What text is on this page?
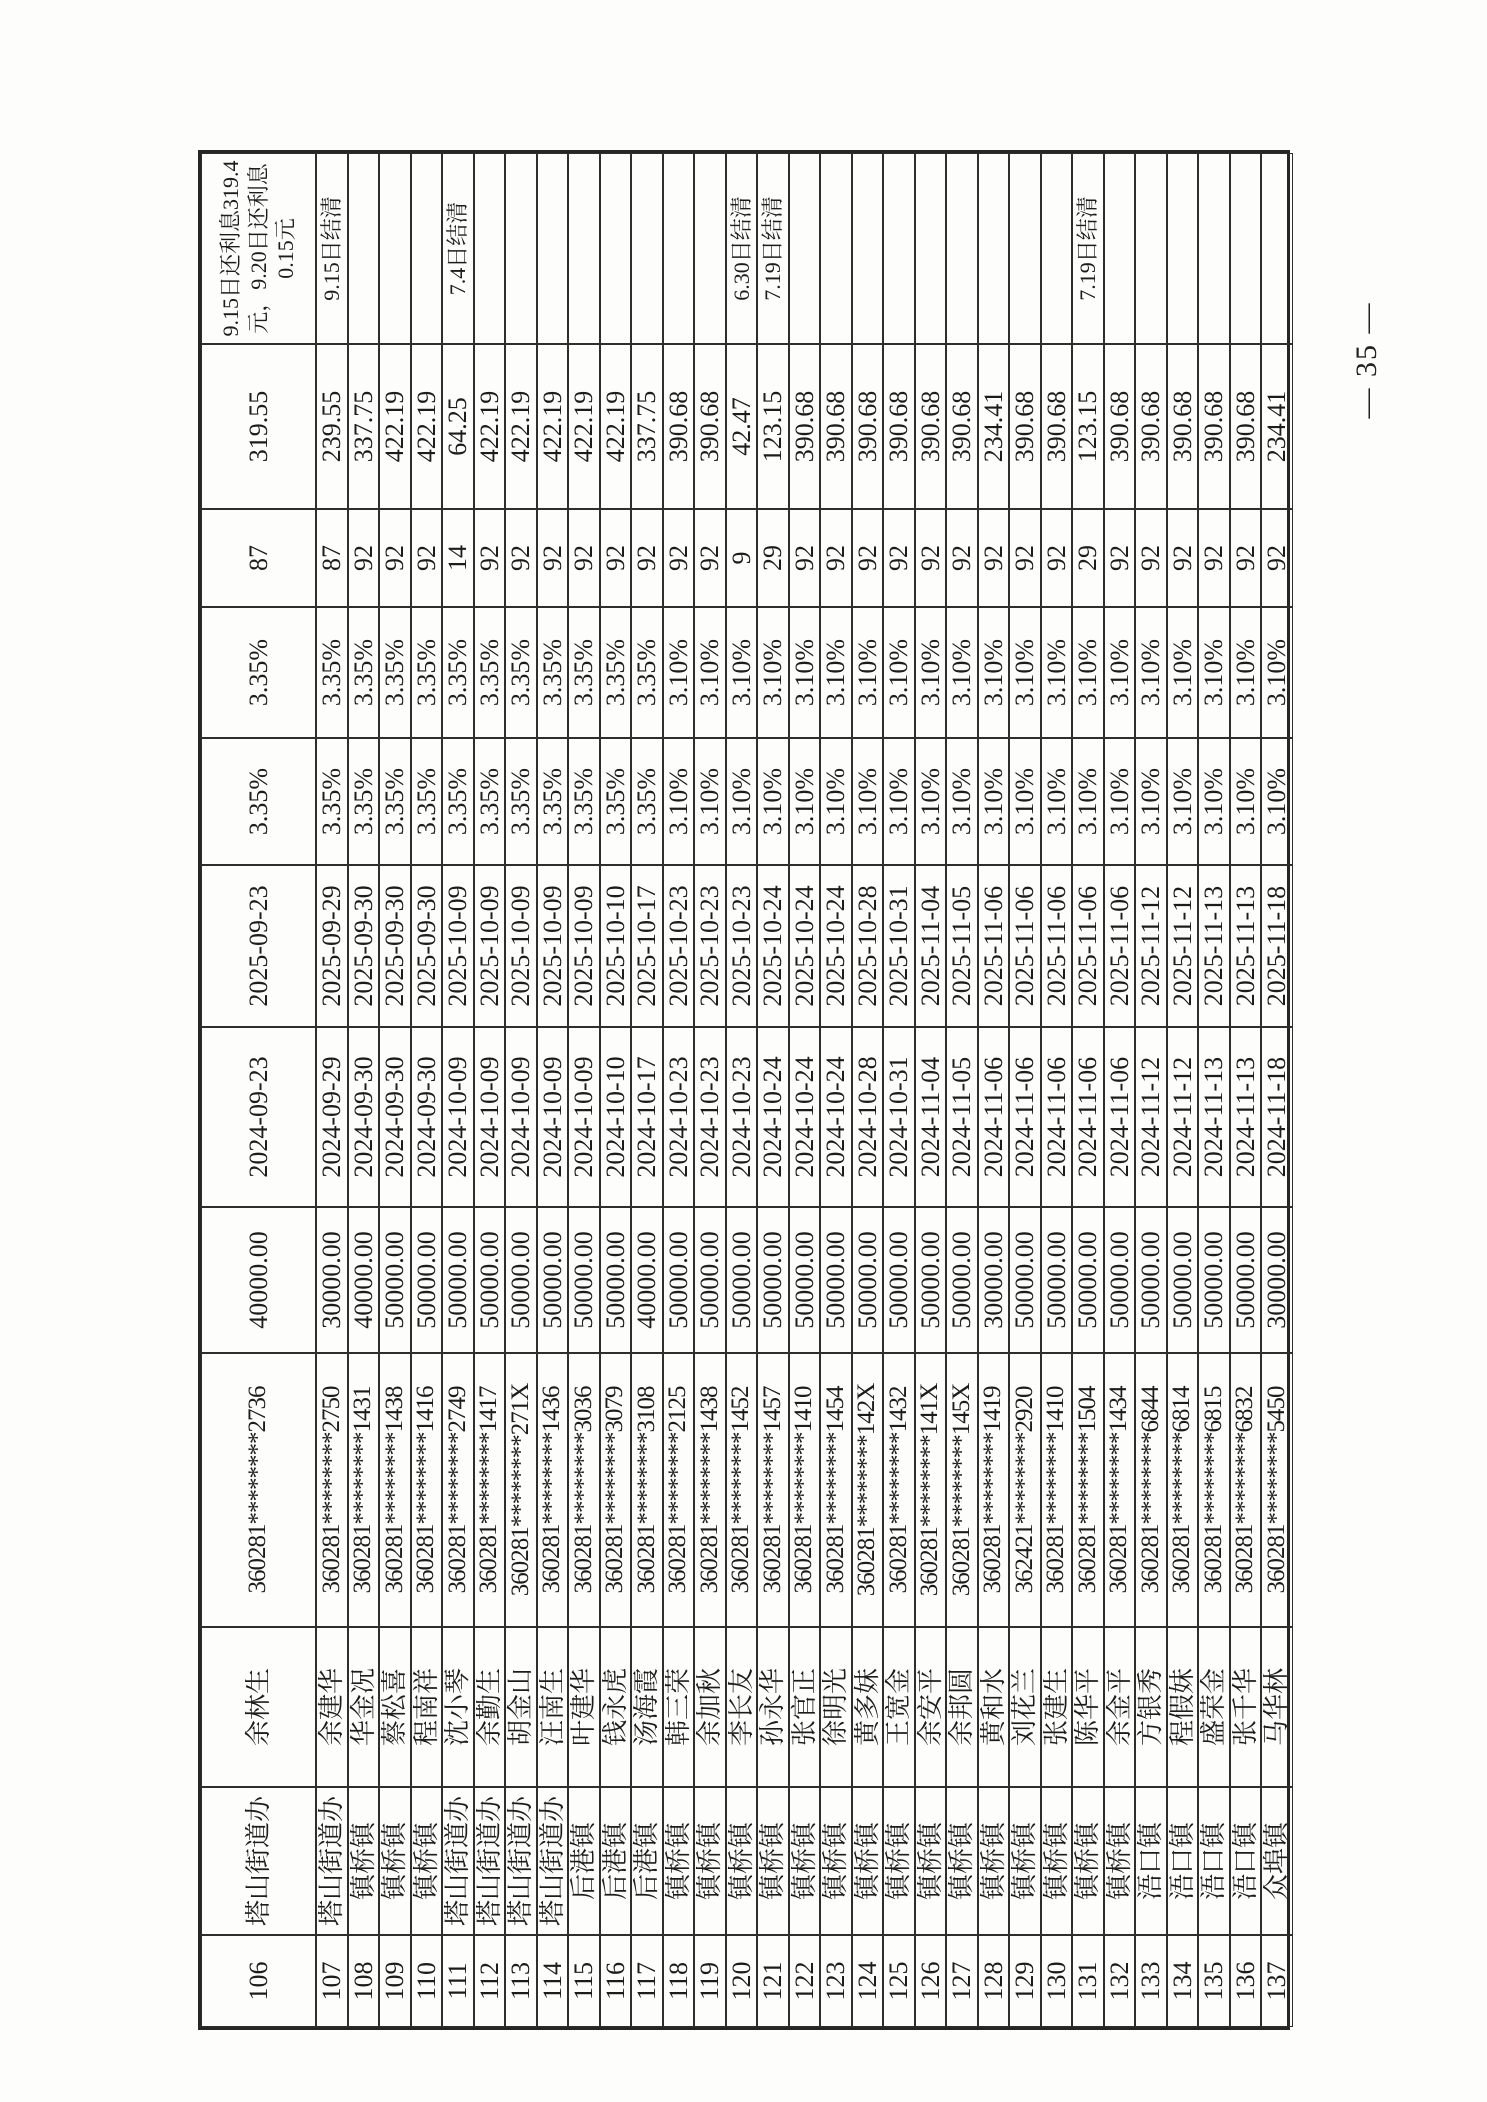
106
塔山街道办
余林生
360281********2736
40000.00
2024-09-23
2025-09-23
3.35%
3.35%
87
319.55
9.15日还利息319.4元，9.20日还利息0.15元
107
塔山街道办
余建华
360281********2750
30000.00
2024-09-29
2025-09-29
3.35%
3.35%
87
239.55
9.15日结清
108
镇桥镇
华金况
360281********1431
40000.00
2024-09-30
2025-09-30
3.35%
3.35%
92
337.75
109
镇桥镇
蔡松喜
360281********1438
50000.00
2024-09-30
2025-09-30
3.35%
3.35%
92
422.19
110
镇桥镇
程南祥
360281********1416
50000.00
2024-09-30
2025-09-30
3.35%
3.35%
92
422.19
111
塔山街道办
沈小琴
360281********2749
50000.00
2024-10-09
2025-10-09
3.35%
3.35%
14
64.25
7.4日结清
112
塔山街道办
余勤生
360281********1417
50000.00
2024-10-09
2025-10-09
3.35%
3.35%
92
422.19
113
塔山街道办
胡金山
360281********271X
50000.00
2024-10-09
2025-10-09
3.35%
3.35%
92
422.19
114
塔山街道办
汪南生
360281********1436
50000.00
2024-10-09
2025-10-09
3.35%
3.35%
92
422.19
115
后港镇
叶建华
360281********3036
50000.00
2024-10-09
2025-10-09
3.35%
3.35%
92
422.19
116
后港镇
钱永虎
360281********3079
50000.00
2024-10-10
2025-10-10
3.35%
3.35%
92
422.19
117
后港镇
汤海霞
360281********3108
40000.00
2024-10-17
2025-10-17
3.35%
3.35%
92
337.75
118
镇桥镇
韩三荣
360281********2125
50000.00
2024-10-23
2025-10-23
3.10%
3.10%
92
390.68
119
镇桥镇
余加秋
360281********1438
50000.00
2024-10-23
2025-10-23
3.10%
3.10%
92
390.68
120
镇桥镇
李长友
360281********1452
50000.00
2024-10-23
2025-10-23
3.10%
3.10%
9
42.47
6.30日结清
121
镇桥镇
孙永华
360281********1457
50000.00
2024-10-24
2025-10-24
3.10%
3.10%
29
123.15
7.19日结清
122
镇桥镇
张官正
360281********1410
50000.00
2024-10-24
2025-10-24
3.10%
3.10%
92
390.68
123
镇桥镇
徐明光
360281********1454
50000.00
2024-10-24
2025-10-24
3.10%
3.10%
92
390.68
124
镇桥镇
黄多妹
360281********142X
50000.00
2024-10-28
2025-10-28
3.10%
3.10%
92
390.68
125
镇桥镇
王宽金
360281********1432
50000.00
2024-10-31
2025-10-31
3.10%
3.10%
92
390.68
126
镇桥镇
余安平
360281********141X
50000.00
2024-11-04
2025-11-04
3.10%
3.10%
92
390.68
127
镇桥镇
余邦圆
360281********145X
50000.00
2024-11-05
2025-11-05
3.10%
3.10%
92
390.68
128
镇桥镇
黄和水
360281********1419
30000.00
2024-11-06
2025-11-06
3.10%
3.10%
92
234.41
129
镇桥镇
刘花兰
362421********2920
50000.00
2024-11-06
2025-11-06
3.10%
3.10%
92
390.68
130
镇桥镇
张建生
360281********1410
50000.00
2024-11-06
2025-11-06
3.10%
3.10%
92
390.68
131
镇桥镇
陈华平
360281********1504
50000.00
2024-11-06
2025-11-06
3.10%
3.10%
29
123.15
7.19日结清
132
镇桥镇
余金平
360281********1434
50000.00
2024-11-06
2025-11-06
3.10%
3.10%
92
390.68
133
浯口镇
方银秀
360281********6844
50000.00
2024-11-12
2025-11-12
3.10%
3.10%
92
390.68
134
浯口镇
程假妹
360281********6814
50000.00
2024-11-12
2025-11-12
3.10%
3.10%
92
390.68
135
浯口镇
盛荣金
360281********6815
50000.00
2024-11-13
2025-11-13
3.10%
3.10%
92
390.68
136
浯口镇
张千华
360281********6832
50000.00
2024-11-13
2025-11-13
3.10%
3.10%
92
390.68
137
众埠镇
马华林
360281********5450
30000.00
2024-11-18
2025-11-18
3.10%
3.10%
92
234.41
— 35 —
